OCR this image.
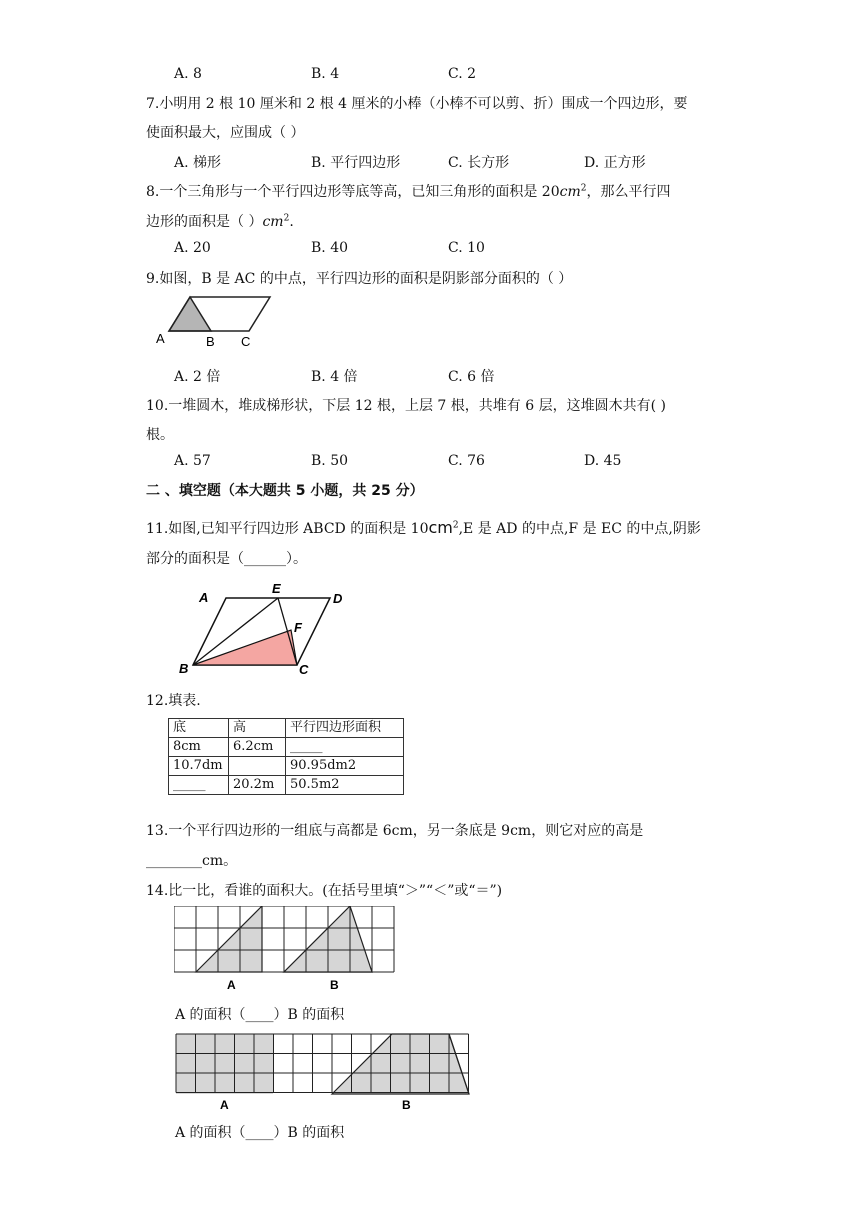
A. 8	B. 4	C. 2
7.小明用 2 根 10 厘米和 2 根 4 厘米的小棒（小棒不可以剪、折）围成一个四边形，要
使面积最大，应围成（ ）
A. 梯形	B. 平行四边形	C. 长方形	D. 正方形
8.一个三角形与一个平行四边形等底等高，已知三角形的面积是 $20cm^2$，那么平行四
边形的面积是（ ）$cm^2$.
A. 20	B. 40	C. 10
9.如图，B 是 AC 的中点，平行四边形的面积是阴影部分面积的（ ）
A	B C
A. 2 倍	B. 4 倍	C. 6 倍
10.一堆圆木，堆成梯形状，下层 12 根，上层 7 根，共堆有 6 层，这堆圆木共有( )
根。
A. 57	B. 50	C. 76	D. 45
二 、填空题（本大题共 5 小题，共 25 分）
11.如图,已知平行四边形 ABCD 的面积是 $10cm^2,E$ 是 AD 的中点,F 是 EC 的中点,阴影
部分的面积是（______）。
A
E
D
F
B	C
12.填表.
底	高	平行四边形面积
8cm	6.2cm	_____
10.7dm		90.95dm2
_____	20.2m	50.5m2
13.一个平行四边形的一组底与高都是 6cm，另一条底是 9cm，则它对应的高是
________cm。
14.比一比，看谁的面积大。(在括号里填“＞”“＜”或“＝”)
A	B
A 的面积（____）B 的面积
A	B
A 的面积（____）B 的面积
